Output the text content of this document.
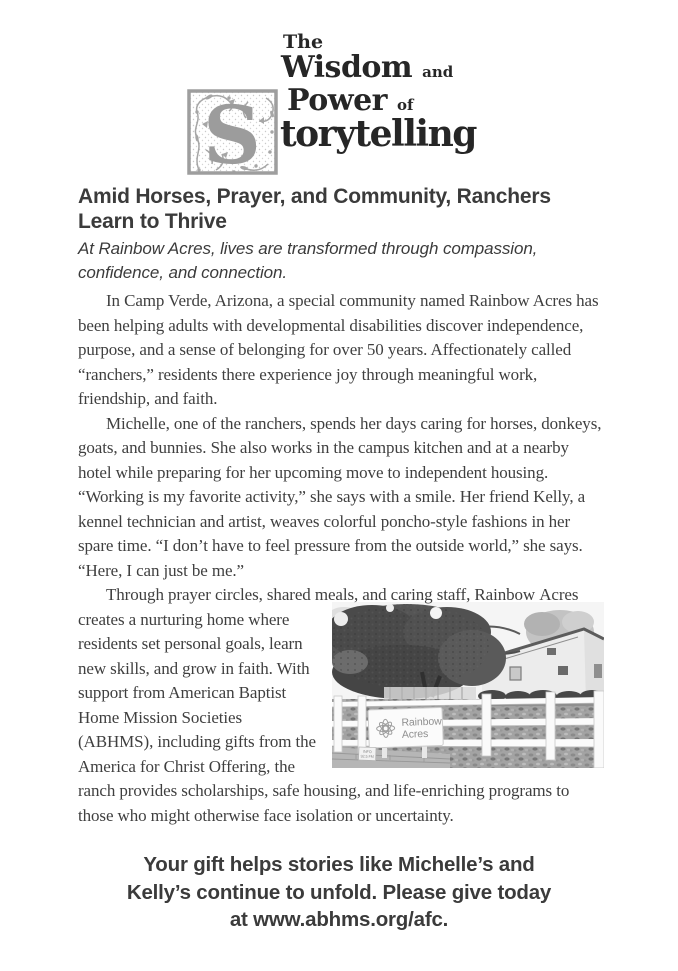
The
Wisdom and
Power of
torytelling
S
Amid Horses, Prayer, and Community, Ranchers
Learn to Thrive
At Rainbow Acres, lives are transformed through compassion,
confidence, and connection.

In Camp Verde, Arizona, a special community named Rainbow Acres has been helping adults with developmental disabilities discover independence, purpose, and a sense of belonging for over 50 years. Affectionately called “ranchers,” residents there experience joy through meaningful work, friendship, and faith.

Michelle, one of the ranchers, spends her days caring for horses, donkeys, goats, and bunnies. She also works in the campus kitchen and at a nearby hotel while preparing for her upcoming move to independent housing. “Working is my favorite activity,” she says with a smile. Her friend Kelly, a kennel technician and artist, weaves colorful poncho-style fashions in her spare time. “I don’t have to feel pressure from the outside world,” she says. “Here, I can just be me.”

Through prayer circles, shared meals, and caring staff, Rainbow
Rainbow
Acres
INFO
92.5 FM
Acres creates a nurturing home where residents set personal goals, learn new skills, and grow in faith. With support from American Baptist Home Mission Societies (ABHMS), including gifts from the America for Christ Offering, the ranch provides scholarships, safe housing, and life-enriching programs to those who might otherwise face isolation or uncertainty.

Your gift helps stories like Michelle’s and
Kelly’s continue to unfold. Please give today
at www.abhms.org/afc.
